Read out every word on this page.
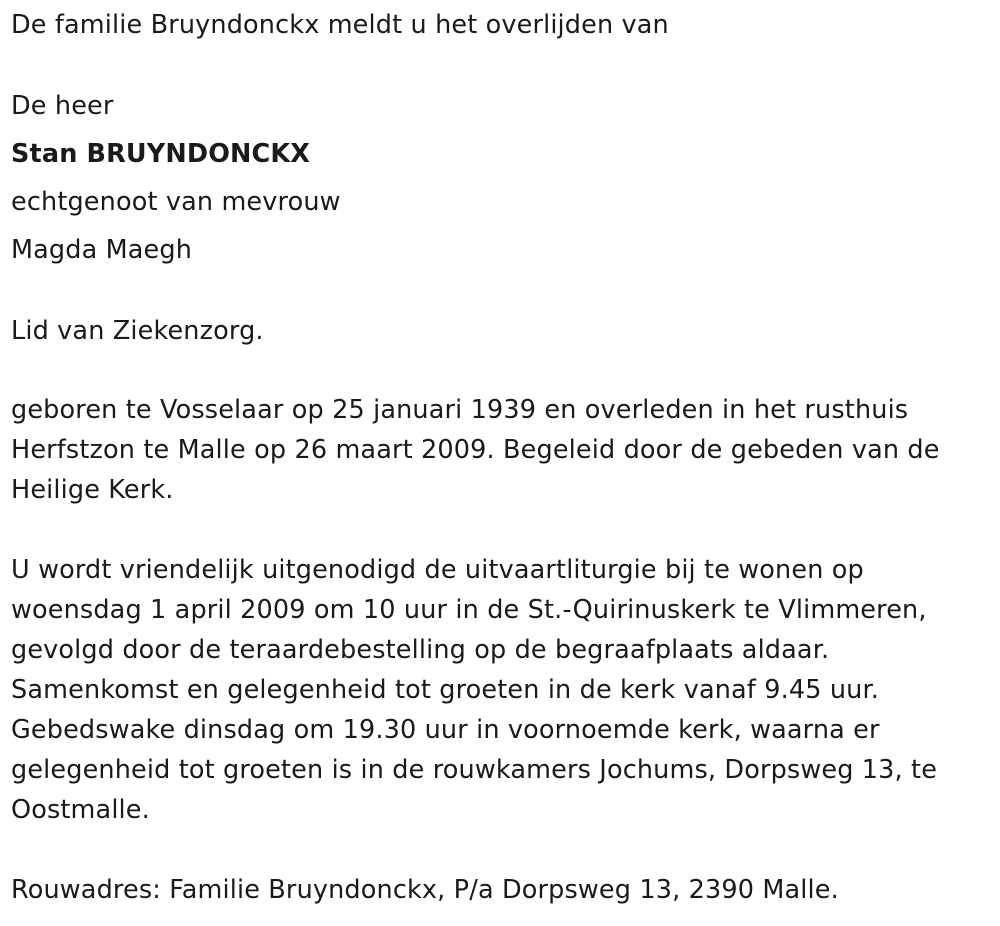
De familie Bruyndonckx meldt u het overlijden van
De heer
Stan BRUYNDONCKX
echtgenoot van mevrouw
Magda Maegh
Lid van Ziekenzorg.
geboren te Vosselaar op 25 januari 1939 en overleden in het rusthuis
Herfstzon te Malle op 26 maart 2009. Begeleid door de gebeden van de
Heilige Kerk.
U wordt vriendelijk uitgenodigd de uitvaartliturgie bij te wonen op
woensdag 1 april 2009 om 10 uur in de St.-Quirinuskerk te Vlimmeren,
gevolgd door de teraardebestelling op de begraafplaats aldaar.
Samenkomst en gelegenheid tot groeten in de kerk vanaf 9.45 uur.
Gebedswake dinsdag om 19.30 uur in voornoemde kerk, waarna er
gelegenheid tot groeten is in de rouwkamers Jochums, Dorpsweg 13, te
Oostmalle.
Rouwadres: Familie Bruyndonckx, P/a Dorpsweg 13, 2390 Malle.
